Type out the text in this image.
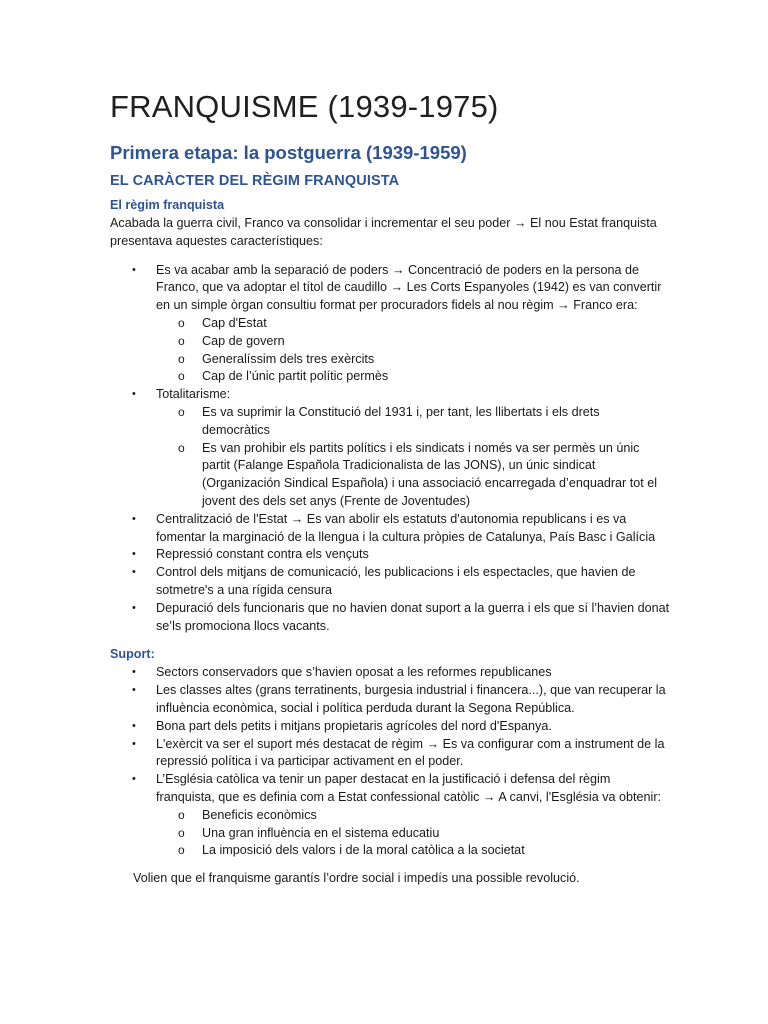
FRANQUISME (1939-1975)
Primera etapa: la postguerra (1939-1959)
EL CARÀCTER DEL RÈGIM FRANQUISTA
El règim franquista

Acabada la guerra civil, Franco va consolidar i incrementar el seu poder → El nou Estat franquista presentava aquestes característiques:

• Es va acabar amb la separació de poders → Concentració de poders en la persona de Franco, que va adoptar el títol de caudillo → Les Corts Espanyoles (1942) es van convertir en un simple òrgan consultiu format per procuradors fidels al nou règim → Franco era:
o Cap d'Estat
o Cap de govern
o Generalíssim dels tres exèrcits
o Cap de l’únic partit polític permès
• Totalitarisme:
o Es va suprimir la Constitució del 1931 i, per tant, les llibertats i els drets democràtics
o Es van prohibir els partits polítics i els sindicats i només va ser permès un únic partit (Falange Española Tradicionalista de las JONS), un únic sindicat (Organización Sindical Española) i una associació encarregada d’enquadrar tot el jovent des dels set anys (Frente de Joventudes)
• Centralització de l'Estat → Es van abolir els estatuts d'autonomia republicans i es va fomentar la marginació de la llengua i la cultura pròpies de Catalunya, País Basc i Galícia
• Repressió constant contra els vençuts
• Control dels mitjans de comunicació, les publicacions i els espectacles, que havien de sotmetre's a una rígida censura
• Depuració dels funcionaris que no havien donat suport a la guerra i els que sí l’havien donat se’ls promociona llocs vacants.
Suport:
• Sectors conservadors que s’havien oposat a les reformes republicanes
• Les classes altes (grans terratinents, burgesia industrial i financera...), que van recuperar la influència econòmica, social i política perduda durant la Segona República.
• Bona part dels petits i mitjans propietaris agrícoles del nord d'Espanya.
• L'exèrcit va ser el suport més destacat de règim → Es va configurar com a instrument de la repressió política i va participar activament en el poder.
• L’Església catòlica va tenir un paper destacat en la justificació i defensa del règim franquista, que es definia com a Estat confessional catòlic → A canvi, l'Església va obtenir:
o Beneficis econòmics
o Una gran influència en el sistema educatiu
o La imposició dels valors i de la moral catòlica a la societat

Volien que el franquisme garantís l’ordre social i impedís una possible revolució.
